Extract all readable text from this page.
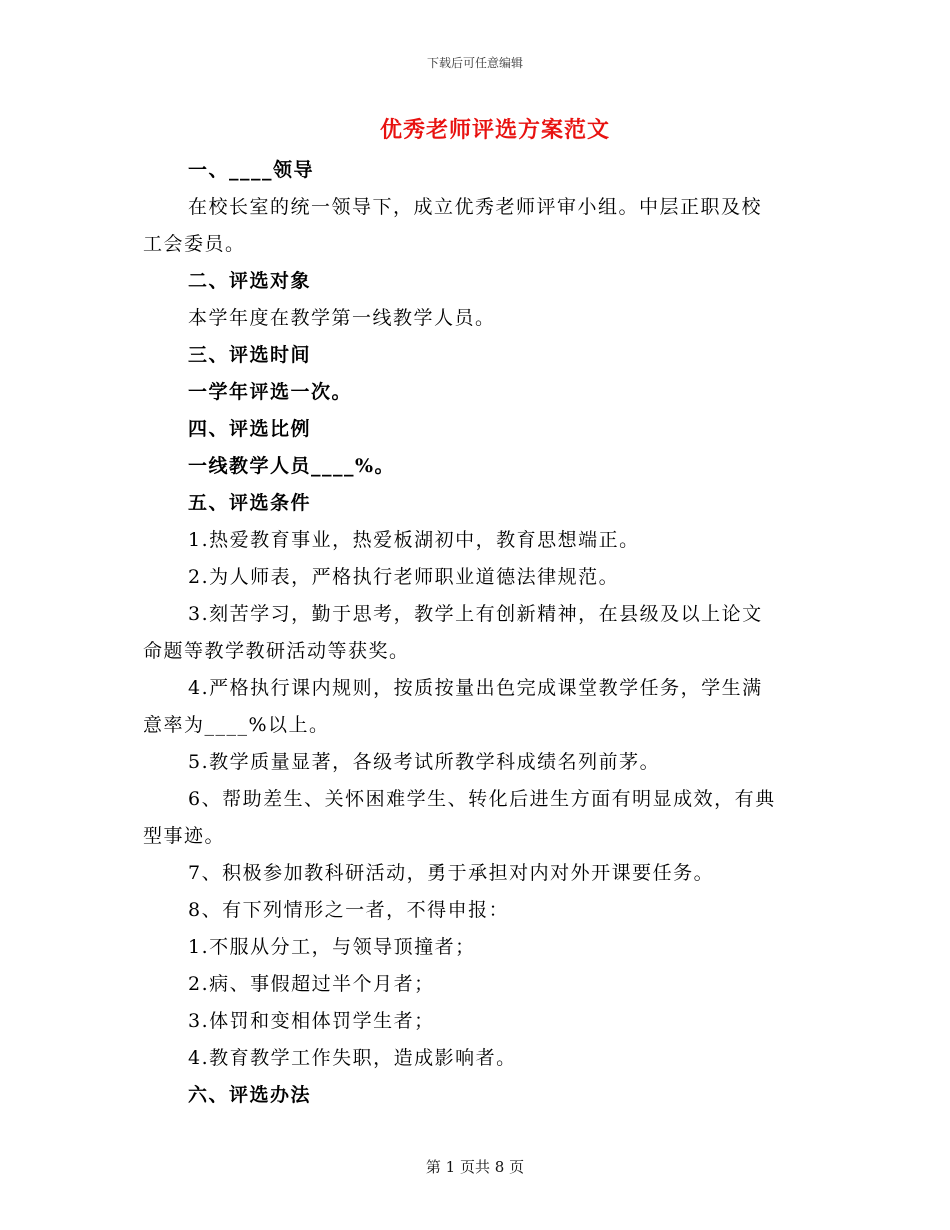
下载后可任意编辑
优秀老师评选方案范文
一、____领导
在校长室的统一领导下，成立优秀老师评审小组。中层正职及校
工会委员。
二、评选对象
本学年度在教学第一线教学人员。
三、评选时间
一学年评选一次。
四、评选比例
一线教学人员____%。
五、评选条件
1.热爱教育事业，热爱板湖初中，教育思想端正。
2.为人师表，严格执行老师职业道德法律规范。
3.刻苦学习，勤于思考，教学上有创新精神，在县级及以上论文
命题等教学教研活动等获奖。
4.严格执行课内规则，按质按量出色完成课堂教学任务，学生满
意率为____%以上。
5.教学质量显著，各级考试所教学科成绩名列前茅。
6、帮助差生、关怀困难学生、转化后进生方面有明显成效，有典
型事迹。
7、积极参加教科研活动，勇于承担对内对外开课要任务。
8、有下列情形之一者，不得申报：
1.不服从分工，与领导顶撞者；
2.病、事假超过半个月者；
3.体罚和变相体罚学生者；
4.教育教学工作失职，造成影响者。
六、评选办法
第 1 页共 8 页
